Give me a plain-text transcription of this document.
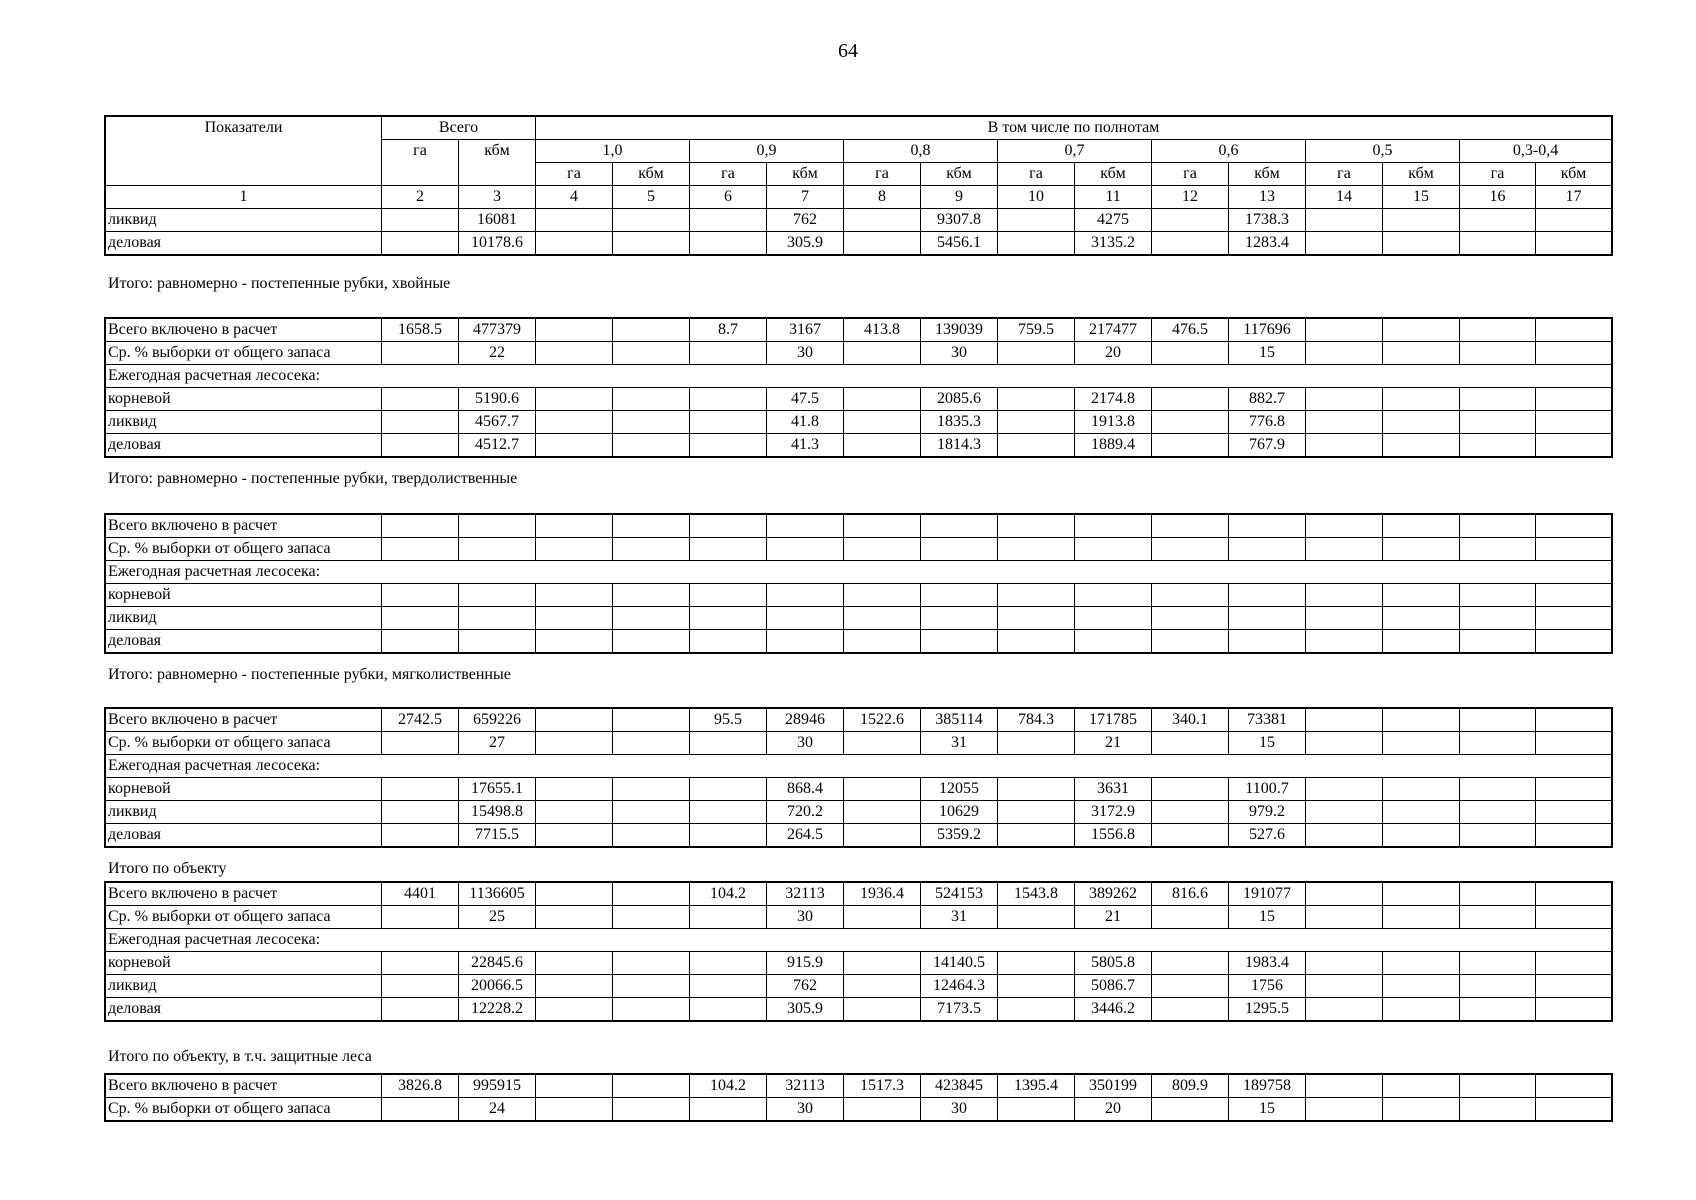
64
Показатели	Всего		В том числе по полнотам													
	га	кбм	1,0		0,9		0,8		0,7		0,6		0,5		0,3-0,4	
			га	кбм	га	кбм	га	кбм	га	кбм	га	кбм	га	кбм	га	кбм
1	2	3	4	5	6	7	8	9	10	11	12	13	14	15	16	17
ликвид		16081				762		9307.8		4275		1738.3				
деловая		10178.6				305.9		5456.1		3135.2		1283.4				
Итого: равномерно - постепенные рубки, хвойные
Всего включено в расчет	1658.5	477379			8.7	3167	413.8	139039	759.5	217477	476.5	117696				
Ср. % выборки от общего запаса		22				30		30		20		15				
Ежегодная расчетная лесосека:																
корневой		5190.6				47.5		2085.6		2174.8		882.7				
ликвид		4567.7				41.8		1835.3		1913.8		776.8				
деловая		4512.7				41.3		1814.3		1889.4		767.9				
Итого: равномерно - постепенные рубки, твердолиственные
Всего включено в расчет																
Ср. % выборки от общего запаса																
Ежегодная расчетная лесосека:																
корневой																
ликвид																
деловая																
Итого: равномерно - постепенные рубки, мягколиственные
Всего включено в расчет	2742.5	659226			95.5	28946	1522.6	385114	784.3	171785	340.1	73381				
Ср. % выборки от общего запаса		27				30		31		21		15				
Ежегодная расчетная лесосека:																
корневой		17655.1				868.4		12055		3631		1100.7				
ликвид		15498.8				720.2		10629		3172.9		979.2				
деловая		7715.5				264.5		5359.2		1556.8		527.6				
Итого по объекту
Всего включено в расчет	4401	1136605			104.2	32113	1936.4	524153	1543.8	389262	816.6	191077				
Ср. % выборки от общего запаса		25				30		31		21		15				
Ежегодная расчетная лесосека:																
корневой		22845.6				915.9		14140.5		5805.8		1983.4				
ликвид		20066.5				762		12464.3		5086.7		1756				
деловая		12228.2				305.9		7173.5		3446.2		1295.5				
Итого по объекту, в т.ч. защитные леса
Всего включено в расчет	3826.8	995915			104.2	32113	1517.3	423845	1395.4	350199	809.9	189758				
Ср. % выборки от общего запаса		24				30		30		20		15				
